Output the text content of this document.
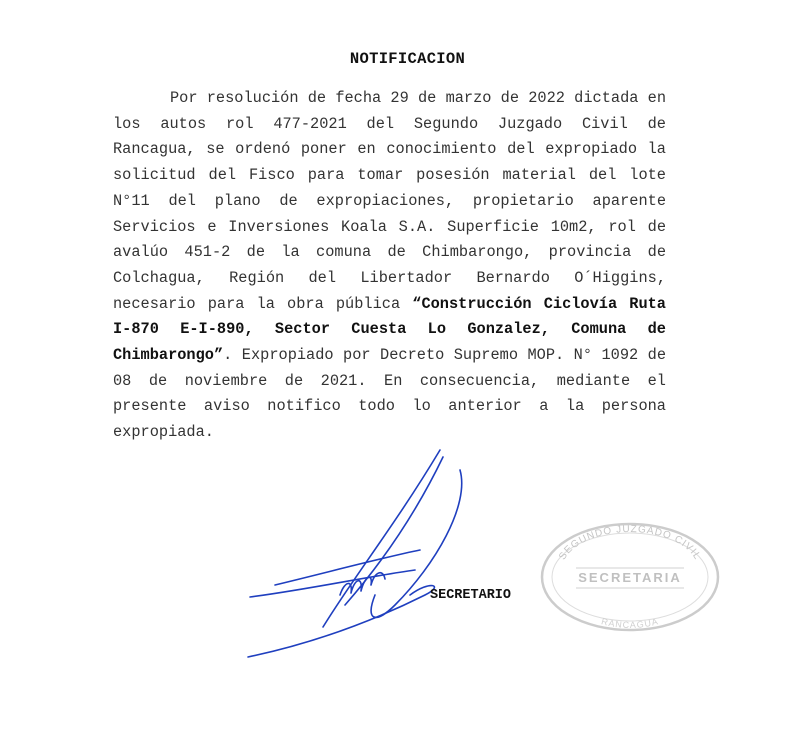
NOTIFICACION

Por resolución de fecha 29 de marzo de 2022 dictada en los autos rol 477-2021 del Segundo Juzgado Civil de Rancagua, se ordenó poner en conocimiento del expropiado la solicitud del Fisco para tomar posesión material del lote N°11 del plano de expropiaciones, propietario aparente Servicios e Inversiones Koala S.A. Superficie 10m2, rol de avalúo 451-2 de la comuna de Chimbarongo, provincia de Colchagua, Región del Libertador Bernardo O´Higgins, necesario para la obra pública “Construcción Ciclovía Ruta I-870 E-I-890, Sector Cuesta Lo Gonzalez, Comuna de Chimbarongo”. Expropiado por Decreto Supremo MOP. N° 1092 de 08 de noviembre de 2021. En consecuencia, mediante el presente aviso notifico todo lo anterior a la persona expropiada.

SECRETARIO
SEGUNDO JUZGADO CIVIL
SECRETARIA
RANCAGUA
